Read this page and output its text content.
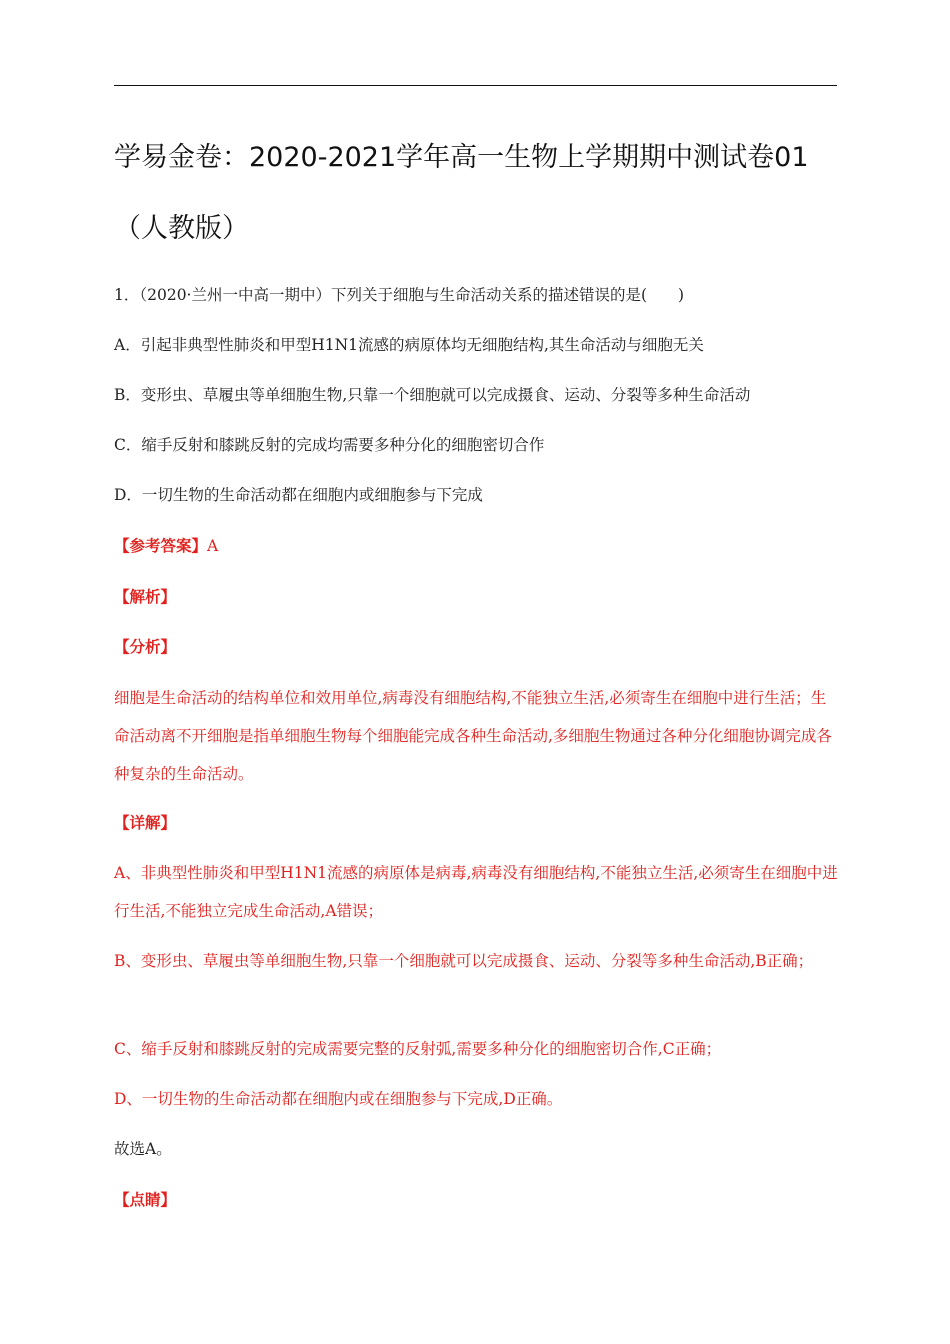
学易金卷：2020-2021学年高一生物上学期期中测试卷01（人教版）

1．（2020·兰州一中高一期中）下列关于细胞与生命活动关系的描述错误的是(　　)

A．引起非典型性肺炎和甲型H1N1流感的病原体均无细胞结构,其生命活动与细胞无关

B．变形虫、草履虫等单细胞生物,只靠一个细胞就可以完成摄食、运动、分裂等多种生命活动

C．缩手反射和膝跳反射的完成均需要多种分化的细胞密切合作

D．一切生物的生命活动都在细胞内或细胞参与下完成

【参考答案】A

【解析】

【分析】

细胞是生命活动的结构单位和效用单位,病毒没有细胞结构,不能独立生活,必须寄生在细胞中进行生活；生命活动离不开细胞是指单细胞生物每个细胞能完成各种生命活动,多细胞生物通过各种分化细胞协调完成各种复杂的生命活动。

【详解】

A、非典型性肺炎和甲型H1N1流感的病原体是病毒,病毒没有细胞结构,不能独立生活,必须寄生在细胞中进行生活,不能独立完成生命活动,A错误；

B、变形虫、草履虫等单细胞生物,只靠一个细胞就可以完成摄食、运动、分裂等多种生命活动,B正确；

C、缩手反射和膝跳反射的完成需要完整的反射弧,需要多种分化的细胞密切合作,C正确；

D、一切生物的生命活动都在细胞内或在细胞参与下完成,D正确。

故选A。

【点睛】
